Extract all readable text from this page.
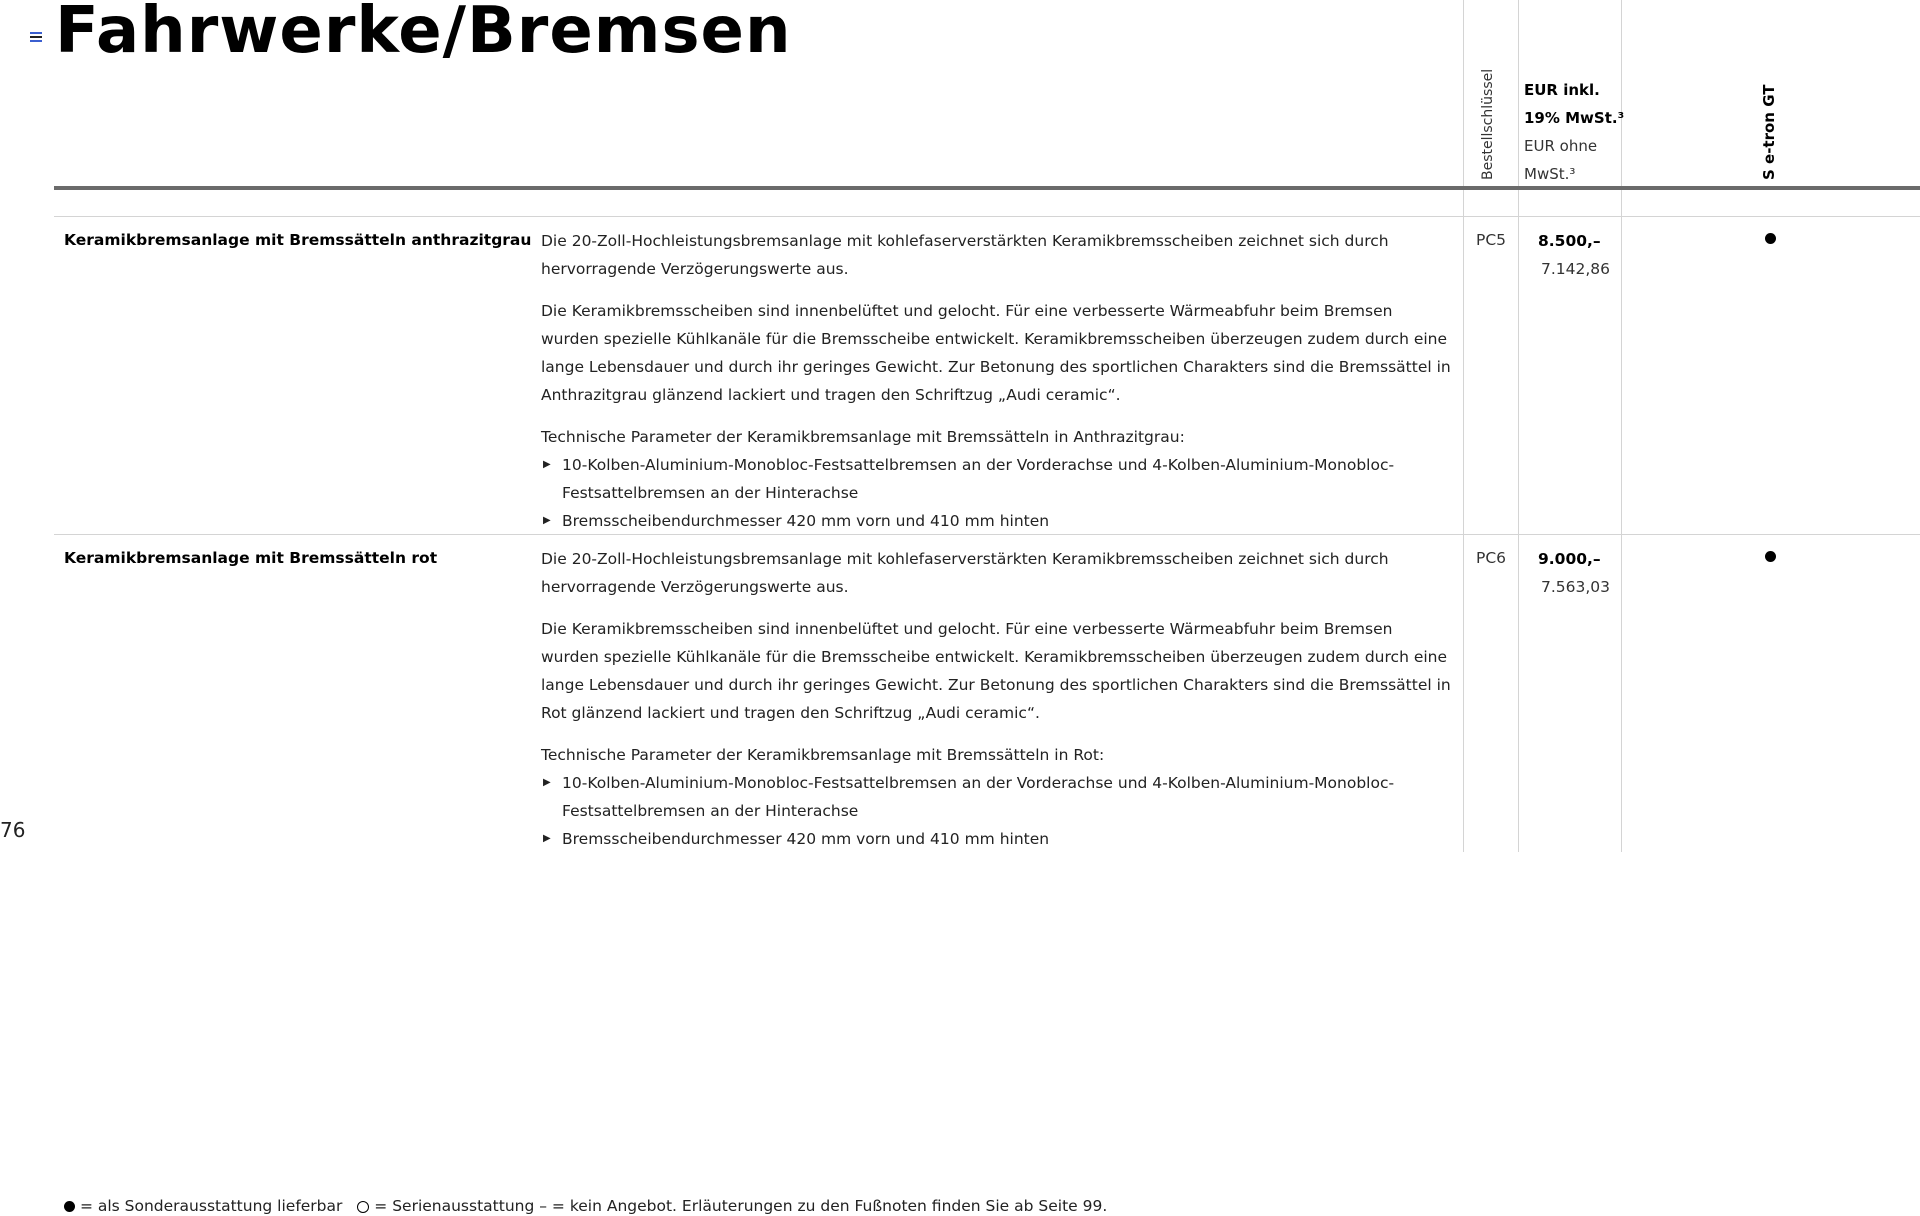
Fahrwerke/Bremsen
Bestellschlüssel EUR inkl.
19% MwSt.³
EUR ohne
MwSt.³	S e-tron GT
Keramikbremsanlage mit Bremssätteln anthrazitgrau Die 20-Zoll-Hochleistungsbremsanlage mit kohlefaserverstärkten Keramikbremsscheiben zeichnet sich durch hervorragende Verzögerungswerte aus.

Die Keramikbremsscheiben sind innenbelüftet und gelocht. Für eine verbesserte Wärmeabfuhr beim Bremsen wurden spezielle Kühlkanäle für die Bremsscheibe entwickelt. Keramikbremsscheiben überzeugen zudem durch eine lange Lebensdauer und durch ihr geringes Gewicht. Zur Betonung des sportlichen Charakters sind die Bremssättel in Anthrazitgrau glänzend lackiert und tragen den Schriftzug „Audi ceramic“.

Technische Parameter der Keramikbremsanlage mit Bremssätteln in Anthrazitgrau:
▶ 10-Kolben-Aluminium-Monobloc-Festsattelbremsen an der Vorderachse und 4-Kolben-Aluminium-Monobloc-Festsattelbremsen an der Hinterachse
▶ Bremsscheibendurchmesser 420 mm vorn und 410 mm hinten
PC5 8.500,–
7.142,86
Keramikbremsanlage mit Bremssätteln rot	Die 20-Zoll-Hochleistungsbremsanlage mit kohlefaserverstärkten Keramikbremsscheiben zeichnet sich durch hervorragende Verzögerungswerte aus.

Die Keramikbremsscheiben sind innenbelüftet und gelocht. Für eine verbesserte Wärmeabfuhr beim Bremsen wurden spezielle Kühlkanäle für die Bremsscheibe entwickelt. Keramikbremsscheiben überzeugen zudem durch eine lange Lebensdauer und durch ihr geringes Gewicht. Zur Betonung des sportlichen Charakters sind die Bremssättel in Rot glänzend lackiert und tragen den Schriftzug „Audi ceramic“.

Technische Parameter der Keramikbremsanlage mit Bremssätteln in Rot:
▶ 10-Kolben-Aluminium-Monobloc-Festsattelbremsen an der Vorderachse und 4-Kolben-Aluminium-Monobloc-Festsattelbremsen an der Hinterachse
▶ Bremsscheibendurchmesser 420 mm vorn und 410 mm hinten
PC6 9.000,–
7.563,03
76
= als Sonderausstattung lieferbar = Serienausstattung – = kein Angebot. Erläuterungen zu den Fußnoten finden Sie ab Seite 99.
